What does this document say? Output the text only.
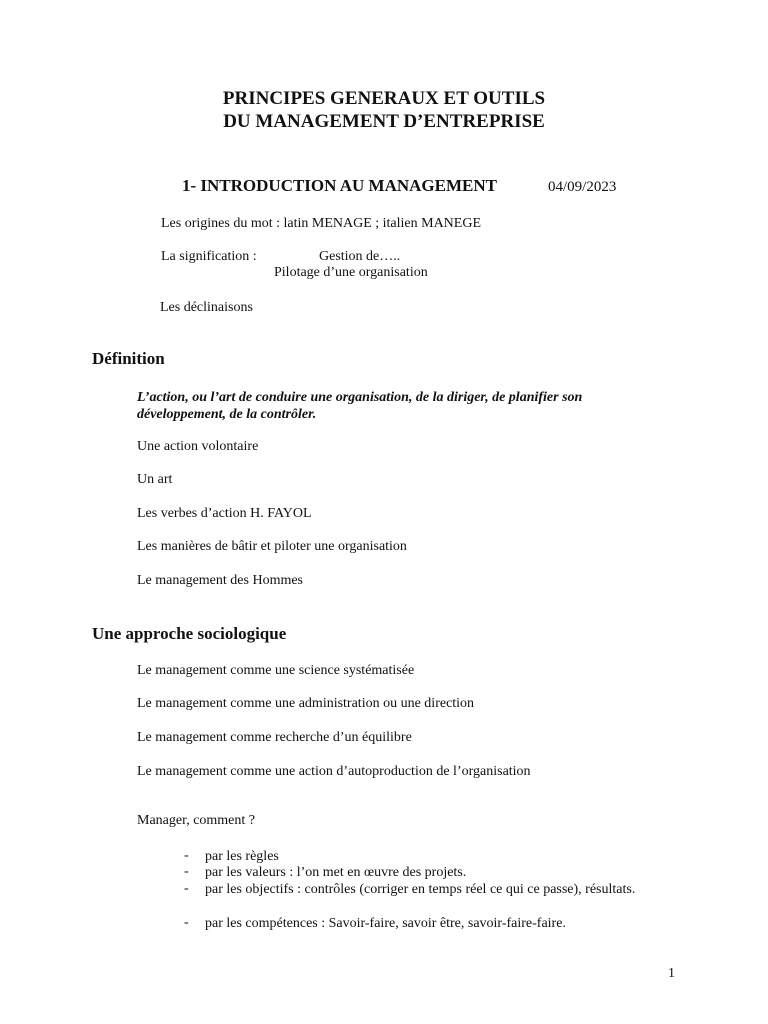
PRINCIPES GENERAUX ET OUTILS
DU MANAGEMENT D’ENTREPRISE
1- INTRODUCTION AU MANAGEMENT	04/09/2023
Les origines du mot : latin MENAGE ; italien MANEGE
La signification :	Gestion de…..
Pilotage d’une organisation
Les déclinaisons
Définition
L’action, ou l’art de conduire une organisation, de la diriger, de planifier son développement, de la contrôler.
Une action volontaire
Un art
Les verbes d’action H. FAYOL
Les manières de bâtir et piloter une organisation
Le management des Hommes
Une approche sociologique
Le management comme une science systématisée
Le management comme une administration ou une direction
Le management comme recherche d’un équilibre
Le management comme une action d’autoproduction de l’organisation
Manager, comment ?
- par les règles
- par les valeurs : l’on met en œuvre des projets.
- par les objectifs : contrôles (corriger en temps réel ce qui ce passe), résultats.
- par les compétences : Savoir-faire, savoir être, savoir-faire-faire.
1
